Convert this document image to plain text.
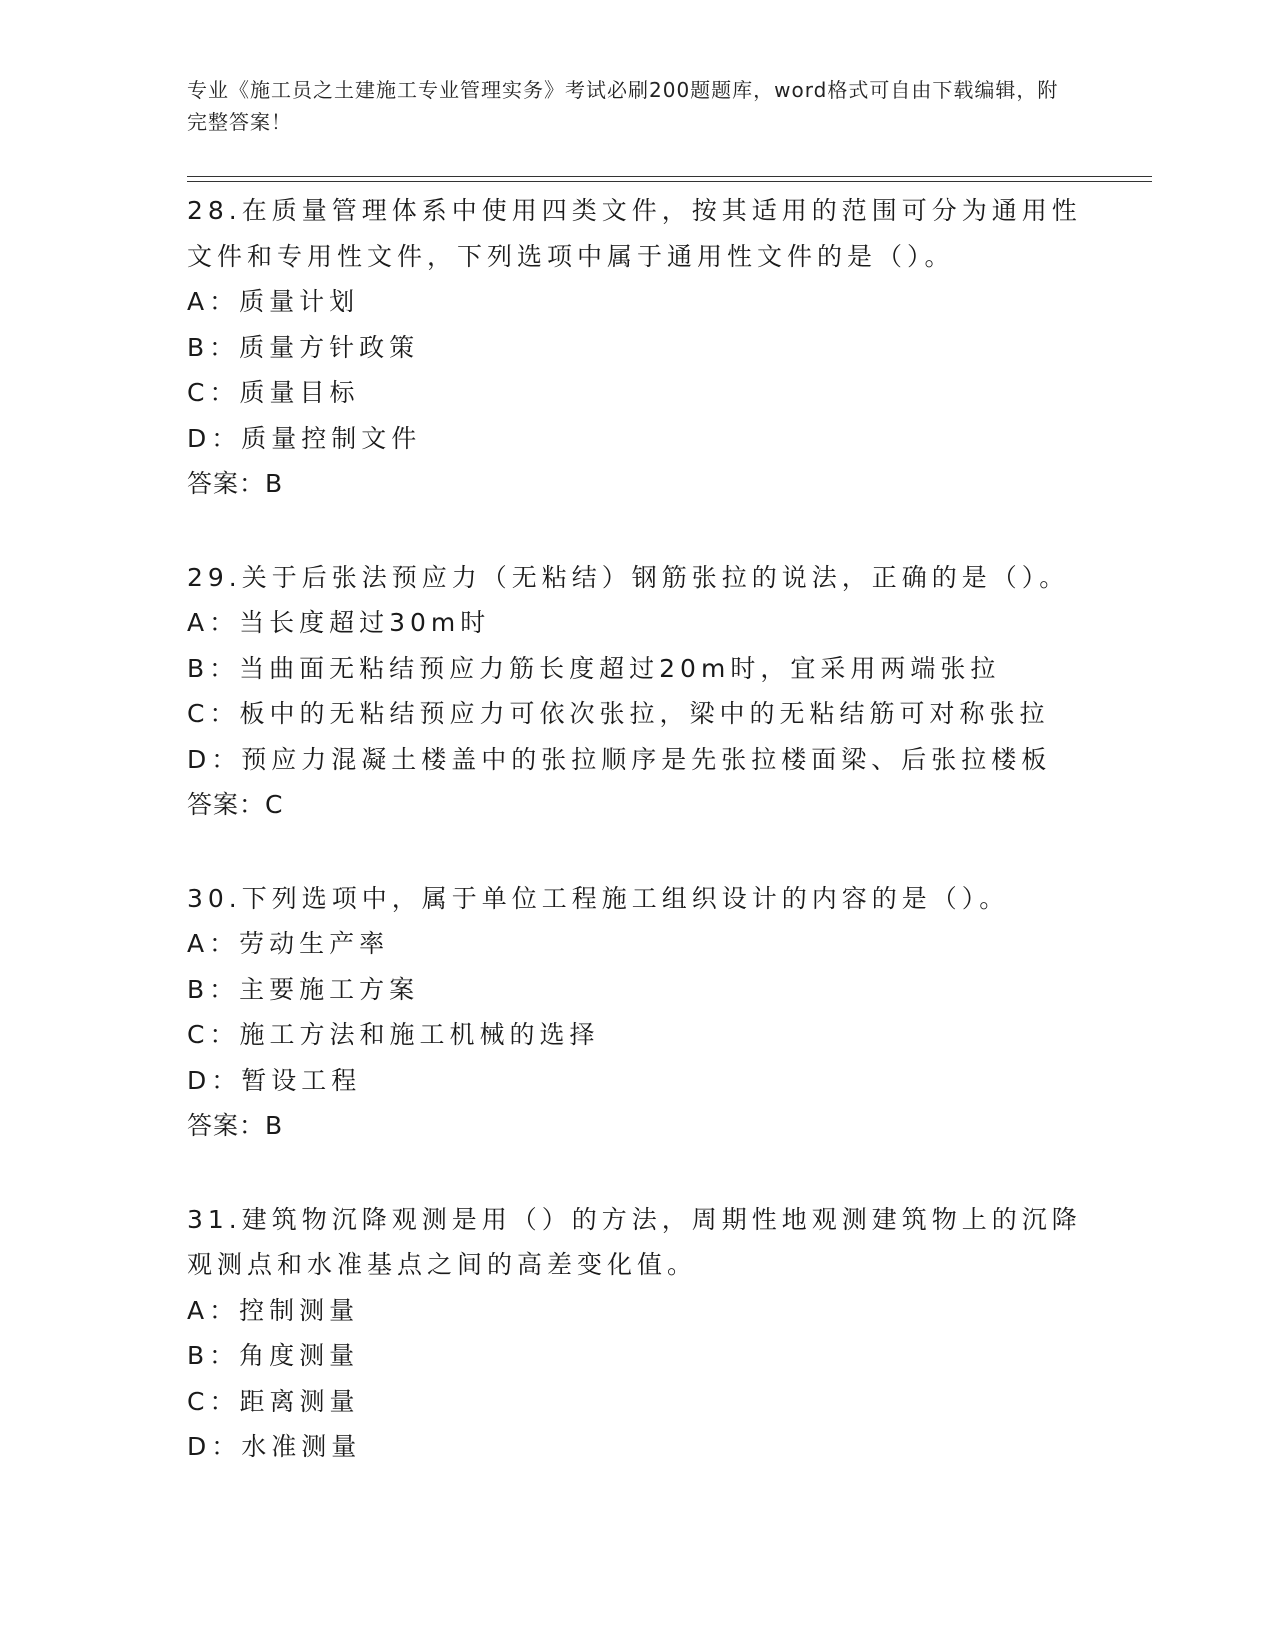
专业《施工员之土建施工专业管理实务》考试必刷200题题库，word格式可自由下载编辑，附完整答案！
28.在质量管理体系中使用四类文件，按其适用的范围可分为通用性文件和专用性文件，下列选项中属于通用性文件的是（）。
A：质量计划
B：质量方针政策
C：质量目标
D：质量控制文件
答案：B
29.关于后张法预应力（无粘结）钢筋张拉的说法，正确的是（）。
A：当长度超过30m时
B：当曲面无粘结预应力筋长度超过20m时，宜采用两端张拉
C：板中的无粘结预应力可依次张拉，梁中的无粘结筋可对称张拉
D：预应力混凝土楼盖中的张拉顺序是先张拉楼面梁、后张拉楼板
答案：C
30.下列选项中，属于单位工程施工组织设计的内容的是（）。
A：劳动生产率
B：主要施工方案
C：施工方法和施工机械的选择
D：暂设工程
答案：B
31.建筑物沉降观测是用（）的方法，周期性地观测建筑物上的沉降观测点和水准基点之间的高差变化值。
A：控制测量
B：角度测量
C：距离测量
D：水准测量
